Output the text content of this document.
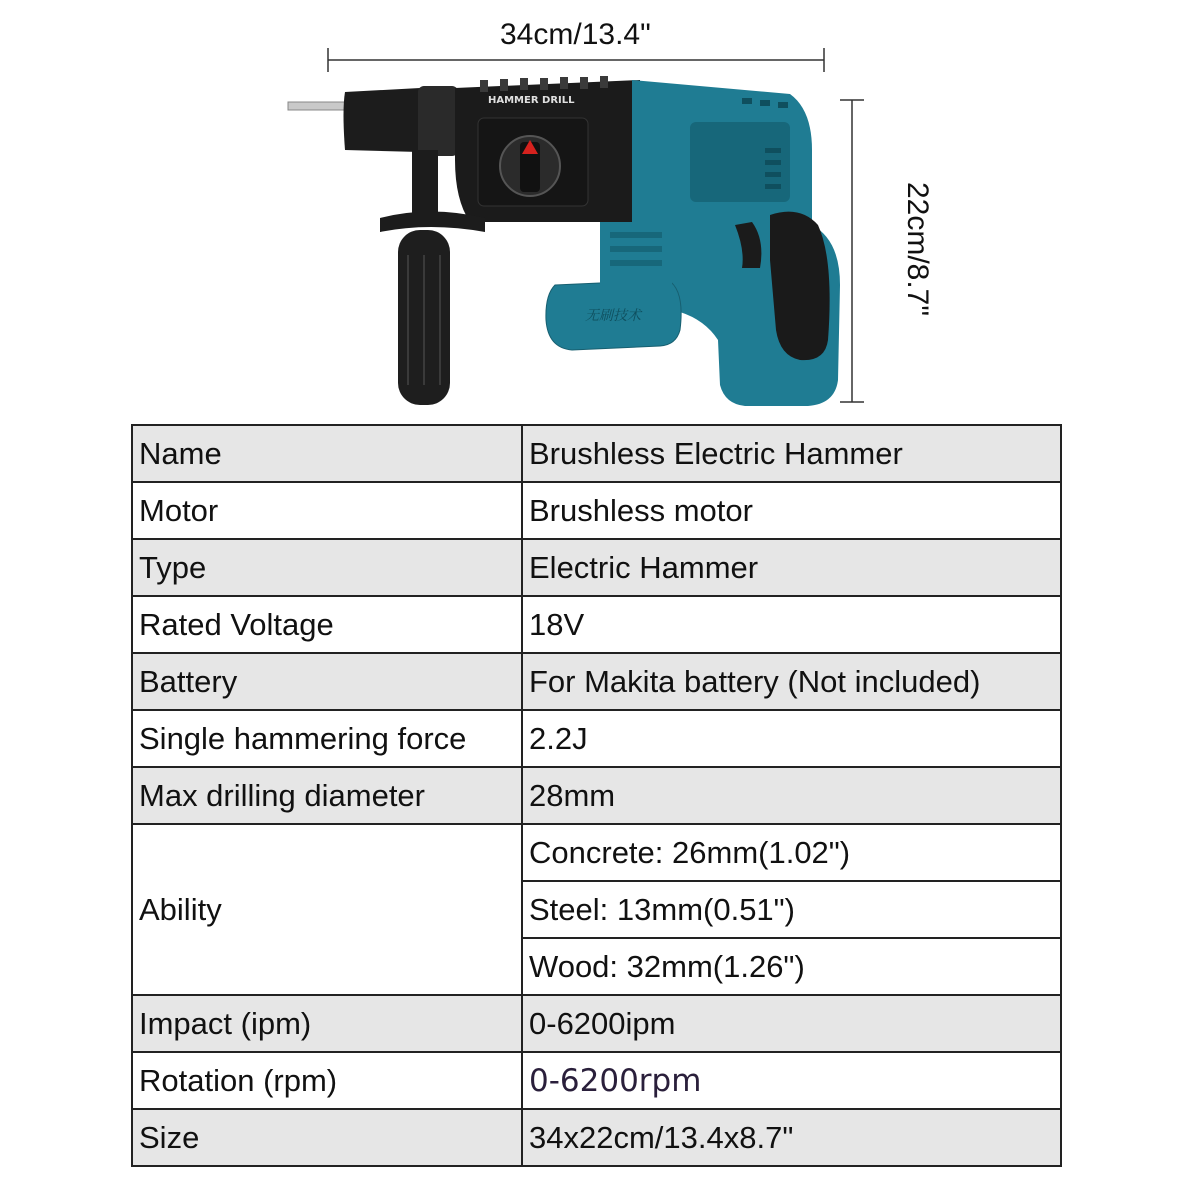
HAMMER DRILL
无刷技术
34cm/13.4"
22cm/8.7"
Name	Brushless Electric Hammer
Motor	Brushless motor
Type	Electric Hammer
Rated Voltage	18V
Battery	For Makita battery (Not included)
Single hammering force	2.2J
Max drilling diameter	28mm
Ability	Concrete: 26mm(1.02")
	Steel: 13mm(0.51")
	Wood: 32mm(1.26")
Impact (ipm)	0-6200ipm
Rotation (rpm)	0-6200rpm
Size	34x22cm/13.4x8.7"
